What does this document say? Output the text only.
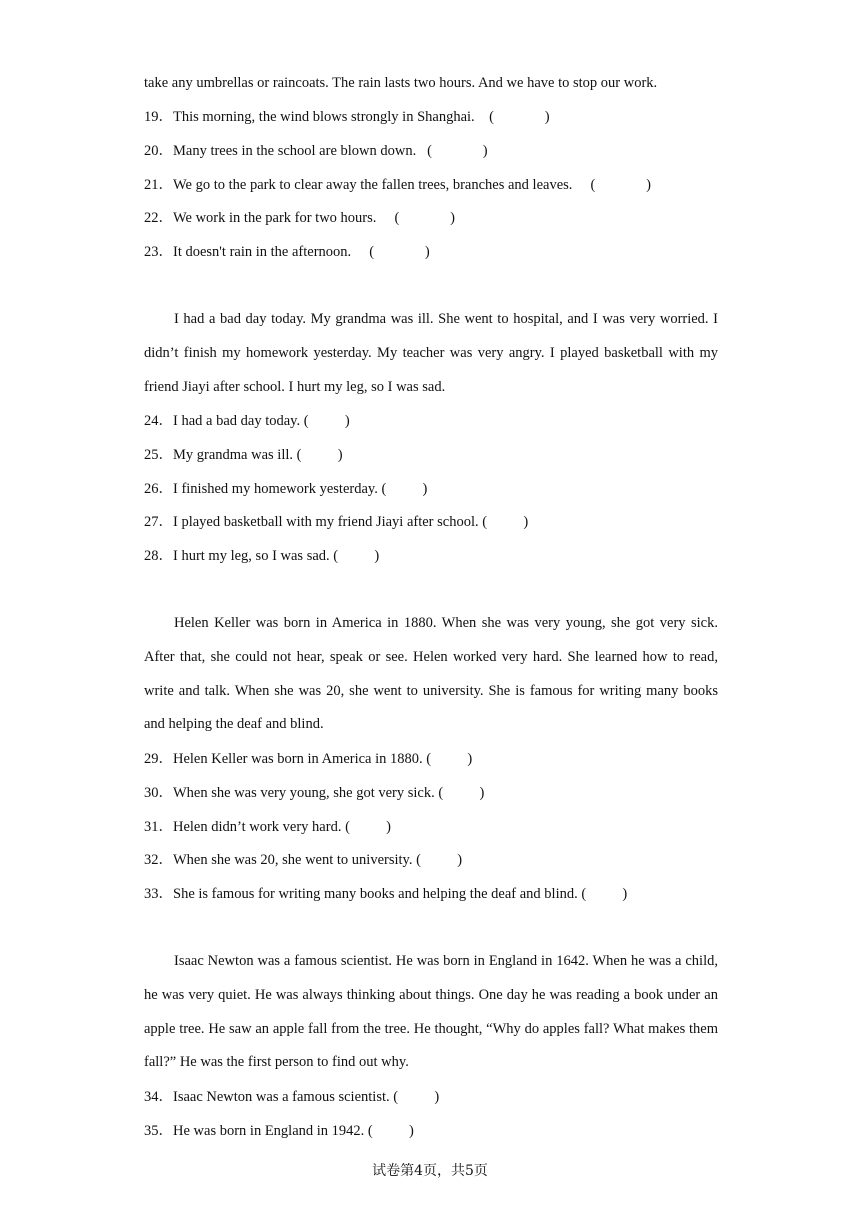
take any umbrellas or raincoats. The rain lasts two hours. And we have to stop our work.
19．This morning, the wind blows strongly in Shanghai. (              )
20．Many trees in the school are blown down. (              )
21．We go to the park to clear away the fallen trees, branches and leaves. (              )
22．We work in the park for two hours. (              )
23．It doesn't rain in the afternoon. (              )

I had a bad day today. My grandma was ill. She went to hospital, and I was very worried. I didn’t finish my homework yesterday. My teacher was very angry. I played basketball with my friend Jiayi after school. I hurt my leg, so I was sad.

24．I had a bad day today. (          )
25．My grandma was ill. (          )
26．I finished my homework yesterday. (          )
27．I played basketball with my friend Jiayi after school. (          )
28．I hurt my leg, so I was sad. (          )

Helen Keller was born in America in 1880. When she was very young, she got very sick. After that, she could not hear, speak or see. Helen worked very hard. She learned how to read, write and talk. When she was 20, she went to university. She is famous for writing many books and helping the deaf and blind.

29．Helen Keller was born in America in 1880. (          )
30．When she was very young, she got very sick. (          )
31．Helen didn’t work very hard. (          )
32．When she was 20, she went to university. (          )
33．She is famous for writing many books and helping the deaf and blind. (          )

Isaac Newton was a famous scientist. He was born in England in 1642. When he was a child, he was very quiet. He was always thinking about things. One day he was reading a book under an apple tree. He saw an apple fall from the tree. He thought, “Why do apples fall? What makes them fall?” He was the first person to find out why.

34．Isaac Newton was a famous scientist. (          )
35．He was born in England in 1942. (          )
试卷第4页，共5页
